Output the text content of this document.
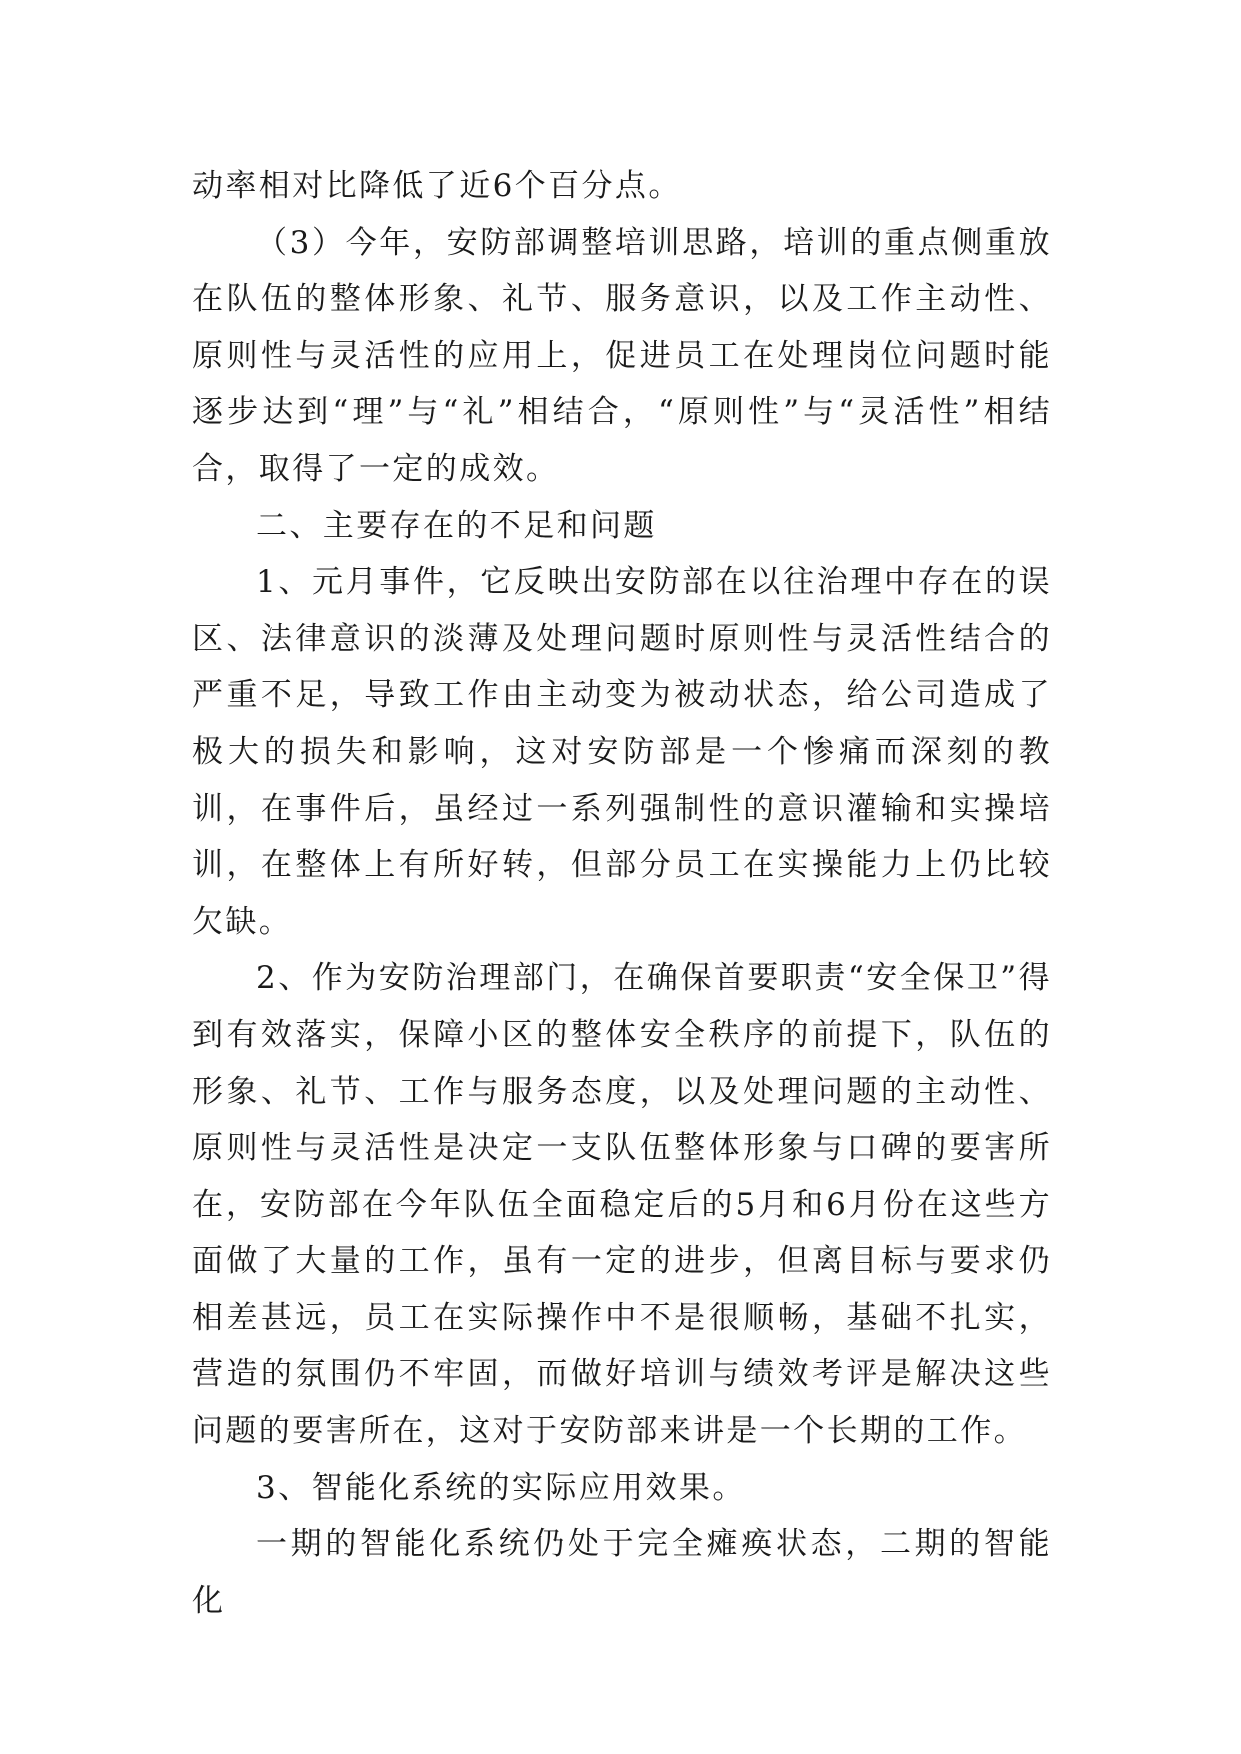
动率相对比降低了近6个百分点。

（3）今年，安防部调整培训思路，培训的重点侧重放在队伍的整体形象、礼节、服务意识，以及工作主动性、原则性与灵活性的应用上，促进员工在处理岗位问题时能逐步达到“理”与“礼”相结合，“原则性”与“灵活性”相结合，取得了一定的成效。

二、主要存在的不足和问题

1、元月事件，它反映出安防部在以往治理中存在的误区、法律意识的淡薄及处理问题时原则性与灵活性结合的严重不足，导致工作由主动变为被动状态，给公司造成了极大的损失和影响，这对安防部是一个惨痛而深刻的教训，在事件后，虽经过一系列强制性的意识灌输和实操培训，在整体上有所好转，但部分员工在实操能力上仍比较欠缺。

2、作为安防治理部门，在确保首要职责“安全保卫”得到有效落实，保障小区的整体安全秩序的前提下，队伍的形象、礼节、工作与服务态度，以及处理问题的主动性、原则性与灵活性是决定一支队伍整体形象与口碑的要害所在，安防部在今年队伍全面稳定后的5月和6月份在这些方面做了大量的工作，虽有一定的进步，但离目标与要求仍相差甚远，员工在实际操作中不是很顺畅，基础不扎实，营造的氛围仍不牢固，而做好培训与绩效考评是解决这些问题的要害所在，这对于安防部来讲是一个长期的工作。

3、智能化系统的实际应用效果。

一期的智能化系统仍处于完全瘫痪状态，二期的智能化
